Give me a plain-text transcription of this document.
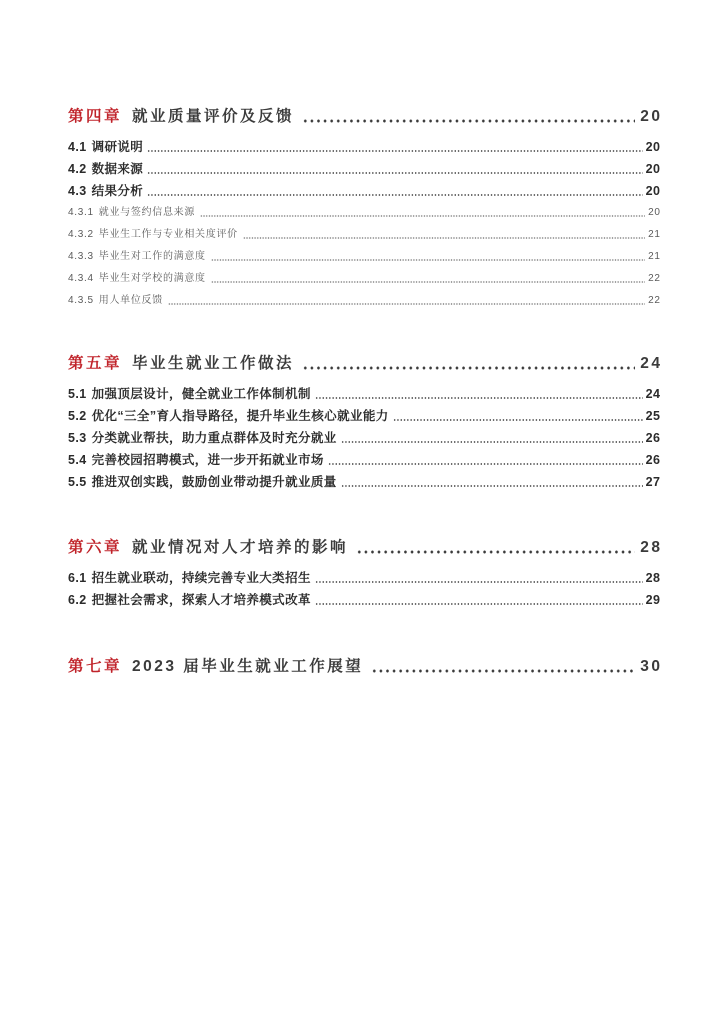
第四章 就业质量评价及反馈	20
4.1 调研说明	20
4.2 数据来源	20
4.3 结果分析	20
4.3.1 就业与签约信息来源	20
4.3.2 毕业生工作与专业相关度评价	21
4.3.3 毕业生对工作的满意度	21
4.3.4 毕业生对学校的满意度	22
4.3.5 用人单位反馈	22
第五章 毕业生就业工作做法	24
5.1 加强顶层设计，健全就业工作体制机制	24
5.2 优化“三全”育人指导路径，提升毕业生核心就业能力	25
5.3 分类就业帮扶，助力重点群体及时充分就业	26
5.4 完善校园招聘模式，进一步开拓就业市场	26
5.5 推进双创实践，鼓励创业带动提升就业质量	27
第六章 就业情况对人才培养的影响	28
6.1 招生就业联动，持续完善专业大类招生	28
6.2 把握社会需求，探索人才培养模式改革	29
第七章 2023 届毕业生就业工作展望	30
